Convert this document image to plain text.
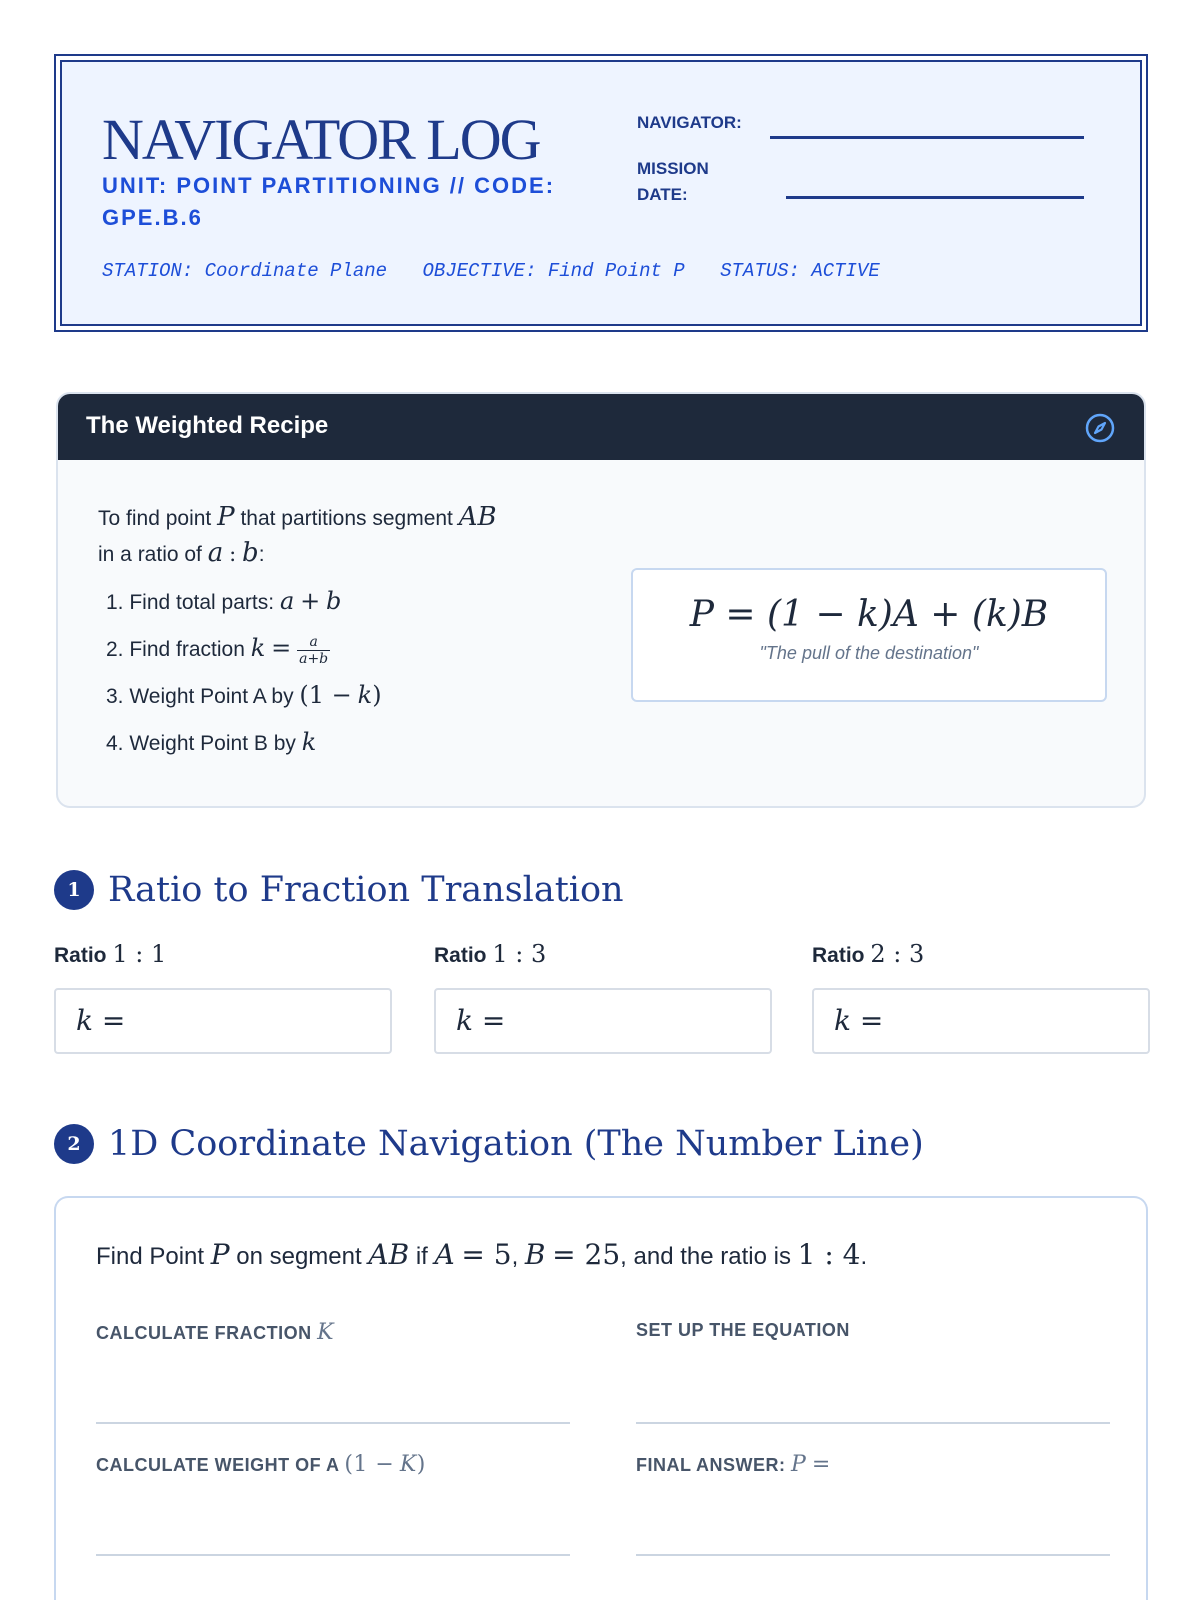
NAVIGATOR LOG
UNIT: POINT PARTITIONING // CODE: GPE.B.6
NAVIGATOR:
MISSION
DATE:
STATION: Coordinate Plane OBJECTIVE: Find Point P STATUS: ACTIVE
The Weighted Recipe
To find point P that partitions segment AB
in a ratio of a : b:
1. Find total parts: a + b
2. Find fraction $k = \frac{a}{a+b}$
3. Weight Point A by (1 − k)
4. Weight Point B by k
P = (1 − k)A + (k)B
"The pull of the destination"
1 Ratio to Fraction Translation
Ratio 1 : 1
k =
Ratio 1 : 3
k =
Ratio 2 : 3
k =
2 1D Coordinate Navigation (The Number Line)
Find Point P on segment AB if A = 5, B = 25, and the ratio is 1 : 4.
CALCULATE FRACTION K	SET UP THE EQUATION
CALCULATE WEIGHT OF A (1 − K)	FINAL ANSWER: P =
